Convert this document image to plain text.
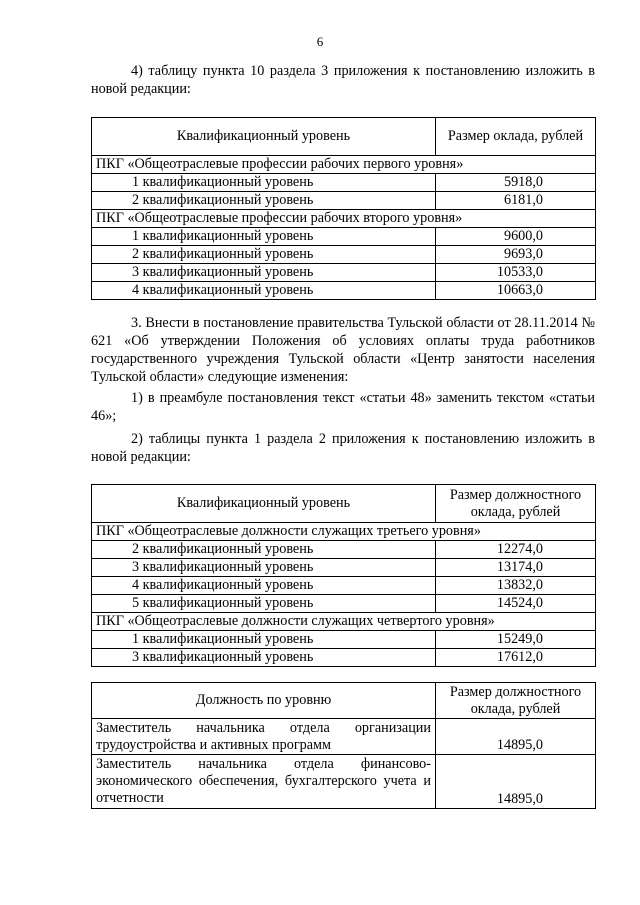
6

4) таблицу пункта 10 раздела 3 приложения к постановлению изложить в новой редакции:

Квалификационный уровень	Размер оклада, рублей
ПКГ «Общеотраслевые профессии рабочих первого уровня»	
1 квалификационный уровень	5918,0
2 квалификационный уровень	6181,0
ПКГ «Общеотраслевые профессии рабочих второго уровня»	
1 квалификационный уровень	9600,0
2 квалификационный уровень	9693,0
3 квалификационный уровень	10533,0
4 квалификационный уровень	10663,0

3. Внести в постановление правительства Тульской области от 28.11.2014 № 621 «Об утверждении Положения об условиях оплаты труда работников государственного учреждения Тульской области «Центр занятости населения Тульской области» следующие изменения:

1) в преамбуле постановления текст «статьи 48» заменить текстом «статьи 46»;

2) таблицы пункта 1 раздела 2 приложения к постановлению изложить в новой редакции:

Квалификационный уровень	Размер должностного оклада, рублей
ПКГ «Общеотраслевые должности служащих третьего уровня»	
2 квалификационный уровень	12274,0
3 квалификационный уровень	13174,0
4 квалификационный уровень	13832,0
5 квалификационный уровень	14524,0
ПКГ «Общеотраслевые должности служащих четвертого уровня»	
1 квалификационный уровень	15249,0
3 квалификационный уровень	17612,0
Должность по уровню	Размер должностного оклада, рублей
Заместитель начальника отдела организации трудоустройства и активных программ	14895,0
Заместитель начальника отдела финансово-экономического обеспечения, бухгалтерского учета и отчетности	14895,0
